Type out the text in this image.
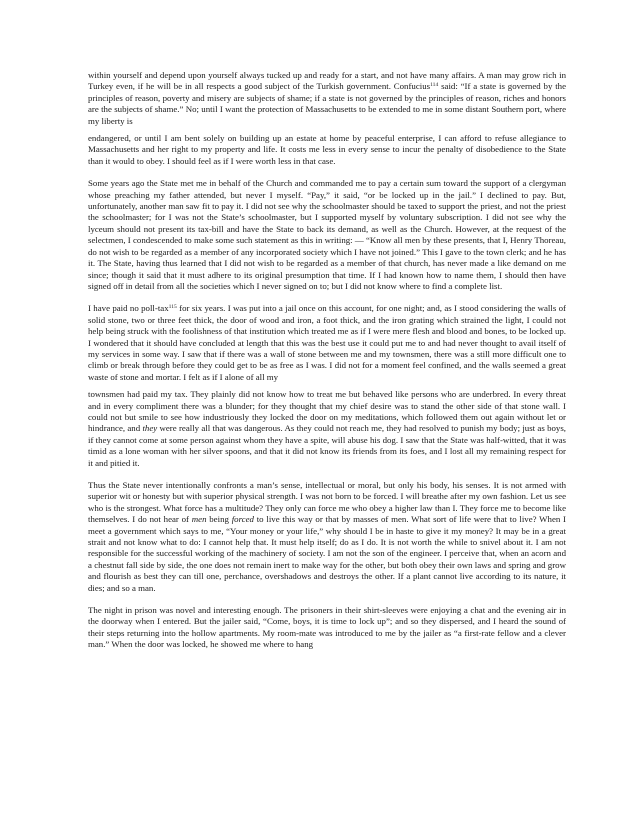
within yourself and depend upon yourself always tucked up and ready for a start, and not have many affairs. A man may grow rich in Turkey even, if he will be in all respects a good subject of the Turkish government. Confucius$^{114}$ said: “If a state is governed by the principles of reason, poverty and misery are subjects of shame; if a state is not governed by the principles of reason, riches and honors are the subjects of shame.” No; until I want the protection of Massachusetts to be extended to me in some distant Southern port, where my liberty is

endangered, or until I am bent solely on building up an estate at home by peaceful enterprise, I can afford to refuse allegiance to Massachusetts and her right to my property and life. It costs me less in every sense to incur the penalty of disobedience to the State than it would to obey. I should feel as if I were worth less in that case.

Some years ago the State met me in behalf of the Church and commanded me to pay a certain sum toward the support of a clergyman whose preaching my father attended, but never I myself. “Pay,” it said, “or be locked up in the jail.” I declined to pay. But, unfortunately, another man saw fit to pay it. I did not see why the schoolmaster should be taxed to support the priest, and not the priest the schoolmaster; for I was not the State’s schoolmaster, but I supported myself by voluntary subscription. I did not see why the lyceum should not present its tax-bill and have the State to back its demand, as well as the Church. However, at the request of the selectmen, I condescended to make some such statement as this in writing: — “Know all men by these presents, that I, Henry Thoreau, do not wish to be regarded as a member of any incorporated society which I have not joined.” This I gave to the town clerk; and he has it. The State, having thus learned that I did not wish to be regarded as a member of that church, has never made a like demand on me since; though it said that it must adhere to its original presumption that time. If I had known how to name them, I should then have signed off in detail from all the societies which I never signed on to; but I did not know where to find a complete list.

I have paid no poll-tax$^{115}$ for six years. I was put into a jail once on this account, for one night; and, as I stood considering the walls of solid stone, two or three feet thick, the door of wood and iron, a foot thick, and the iron grating which strained the light, I could not help being struck with the foolishness of that institution which treated me as if I were mere flesh and blood and bones, to be locked up. I wondered that it should have concluded at length that this was the best use it could put me to and had never thought to avail itself of my services in some way. I saw that if there was a wall of stone between me and my townsmen, there was a still more difficult one to climb or break through before they could get to be as free as I was. I did not for a moment feel confined, and the walls seemed a great waste of stone and mortar. I felt as if I alone of all my

townsmen had paid my tax. They plainly did not know how to treat me but behaved like persons who are underbred. In every threat and in every compliment there was a blunder; for they thought that my chief desire was to stand the other side of that stone wall. I could not but smile to see how industriously they locked the door on my meditations, which followed them out again without let or hindrance, and they were really all that was dangerous. As they could not reach me, they had resolved to punish my body; just as boys, if they cannot come at some person against whom they have a spite, will abuse his dog. I saw that the State was half-witted, that it was timid as a lone woman with her silver spoons, and that it did not know its friends from its foes, and I lost all my remaining respect for it and pitied it.

Thus the State never intentionally confronts a man’s sense, intellectual or moral, but only his body, his senses. It is not armed with superior wit or honesty but with superior physical strength. I was not born to be forced. I will breathe after my own fashion. Let us see who is the strongest. What force has a multitude? They only can force me who obey a higher law than I. They force me to become like themselves. I do not hear of men being forced to live this way or that by masses of men. What sort of life were that to live? When I meet a government which says to me, “Your money or your life,” why should I be in haste to give it my money? It may be in a great strait and not know what to do: I cannot help that. It must help itself; do as I do. It is not worth the while to snivel about it. I am not responsible for the successful working of the machinery of society. I am not the son of the engineer. I perceive that, when an acorn and a chestnut fall side by side, the one does not remain inert to make way for the other, but both obey their own laws and spring and grow and flourish as best they can till one, perchance, overshadows and destroys the other. If a plant cannot live according to its nature, it dies; and so a man.

The night in prison was novel and interesting enough. The prisoners in their shirt-sleeves were enjoying a chat and the evening air in the doorway when I entered. But the jailer said, “Come, boys, it is time to lock up”; and so they dispersed, and I heard the sound of their steps returning into the hollow apartments. My room-mate was introduced to me by the jailer as “a first-rate fellow and a clever man.” When the door was locked, he showed me where to hang
